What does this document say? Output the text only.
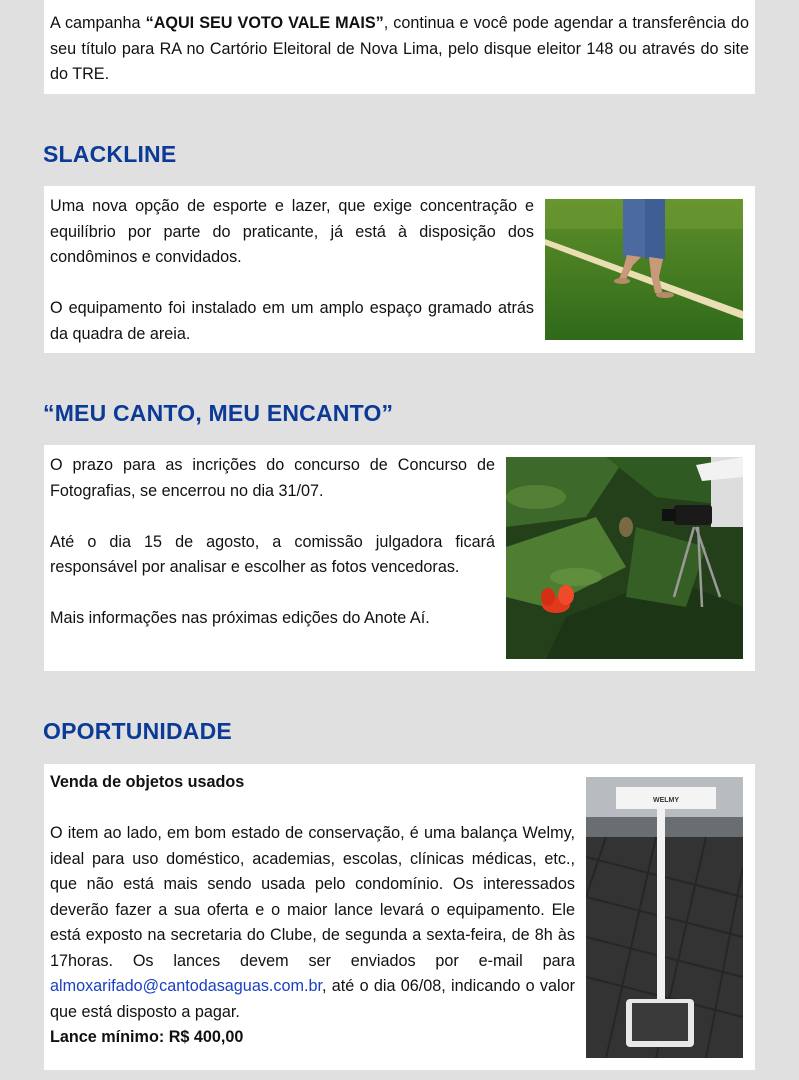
A campanha “AQUI SEU VOTO VALE MAIS”, continua e você pode agendar a transferência do seu título para RA no Cartório Eleitoral de Nova Lima, pelo disque eleitor 148 ou através do site do TRE.

SLACKLINE

Uma nova opção de esporte e lazer, que exige concentração e equilíbrio por parte do praticante, já está à disposição dos condôminos e convidados.

O equipamento foi instalado em um amplo espaço gramado atrás da quadra de areia.

“MEU CANTO, MEU ENCANTO”

O prazo para as incrições do concurso de Concurso de Fotografias, se encerrou no dia 31/07.

Até o dia 15 de agosto, a comissão julgadora ficará responsável por analisar e escolher as fotos vencedoras.

Mais informações nas próximas edições do Anote Aí.

OPORTUNIDADE

Venda de objetos usados

O item ao lado, em bom estado de conservação, é uma balança Welmy, ideal para uso doméstico, academias, escolas, clínicas médicas, etc., que não está mais sendo usada pelo condomínio. Os interessados deverão fazer a sua oferta e o maior lance levará o equipamento. Ele está exposto na secretaria do Clube, de segunda a sexta-feira, de 8h às 17horas. Os lances devem ser enviados por e-mail para almoxarifado@cantodasaguas.com.br, até o dia 06/08, indicando o valor que está disposto a pagar.

Lance mínimo: R$ 400,00

WELMY
